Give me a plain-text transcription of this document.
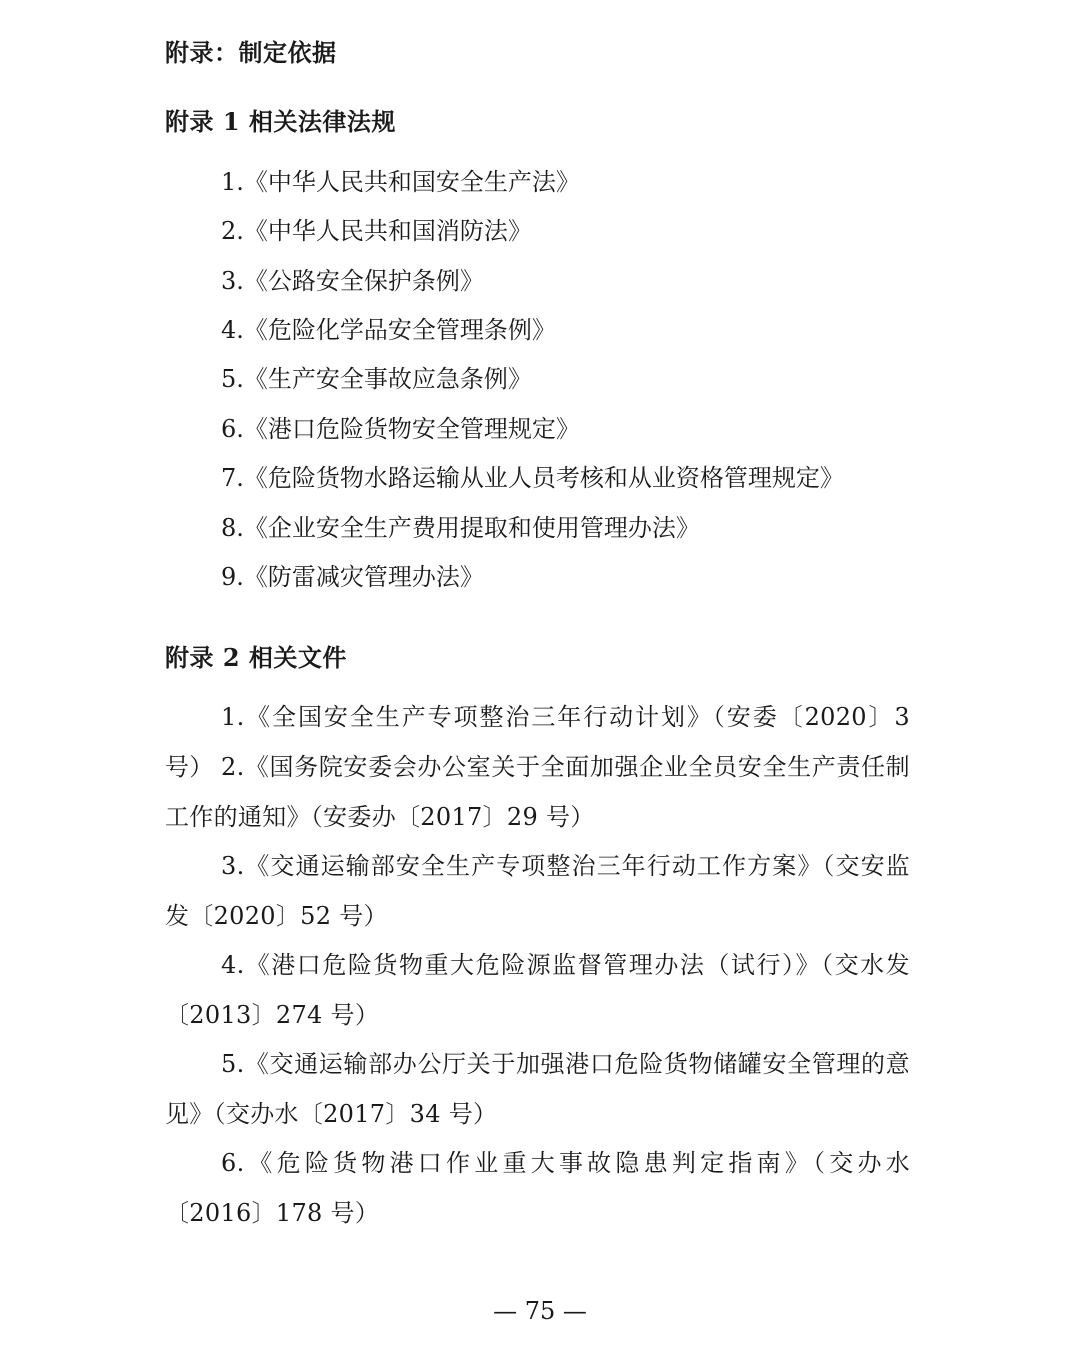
附录：制定依据
附录 1 相关法律法规
1.《中华人民共和国安全生产法》
2.《中华人民共和国消防法》
3.《公路安全保护条例》
4.《危险化学品安全管理条例》
5.《生产安全事故应急条例》
6.《港口危险货物安全管理规定》
7.《危险货物水路运输从业人员考核和从业资格管理规定》
8.《企业安全生产费用提取和使用管理办法》
9.《防雷减灾管理办法》
附录 2 相关文件
1.《全国安全生产专项整治三年行动计划》（安委〔2020〕3 号） 2.《国务院安委会办公室关于全面加强企业全员安全生产责任制工作的通知》（安委办〔2017〕29 号）
3.《交通运输部安全生产专项整治三年行动工作方案》（交安监发〔2020〕52 号）
4.《港口危险货物重大危险源监督管理办法（试行）》（交水发〔2013〕274 号）
5.《交通运输部办公厅关于加强港口危险货物储罐安全管理的意见》（交办水〔2017〕34 号）
6.《危险货物港口作业重大事故隐患判定指南》（交办水〔2016〕178 号）
— 75 —
